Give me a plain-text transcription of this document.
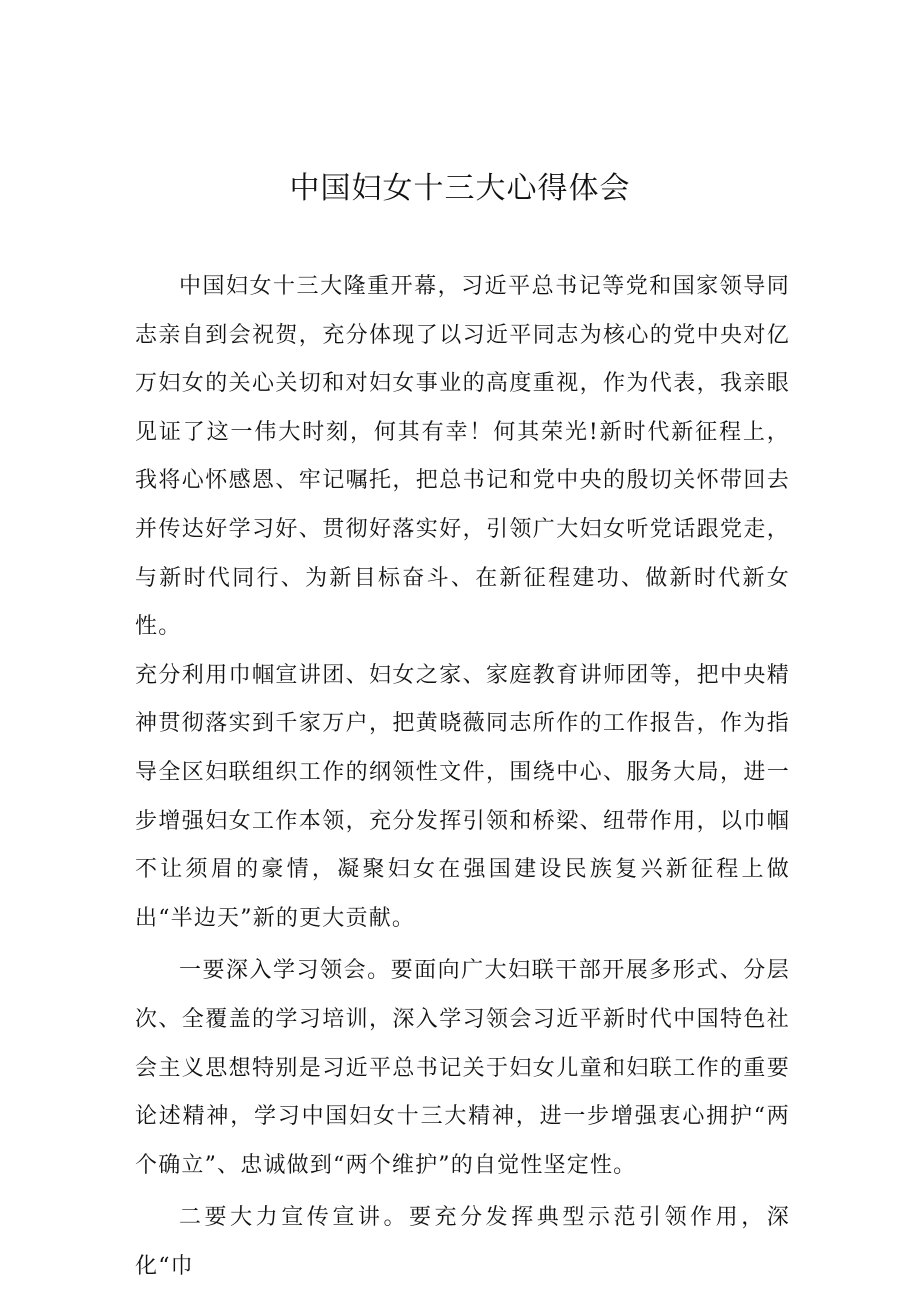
中国妇女十三大心得体会

中国妇女十三大隆重开幕，习近平总书记等党和国家领导同志亲自到会祝贺，充分体现了以习近平同志为核心的党中央对亿万妇女的关心关切和对妇女事业的高度重视，作为代表，我亲眼见证了这一伟大时刻，何其有幸！何其荣光!新时代新征程上，我将心怀感恩、牢记嘱托，把总书记和党中央的殷切关怀带回去并传达好学习好、贯彻好落实好，引领广大妇女听党话跟党走，与新时代同行、为新目标奋斗、在新征程建功、做新时代新女性。

充分利用巾帼宣讲团、妇女之家、家庭教育讲师团等，把中央精神贯彻落实到千家万户，把黄晓薇同志所作的工作报告，作为指导全区妇联组织工作的纲领性文件，围绕中心、服务大局，进一步增强妇女工作本领，充分发挥引领和桥梁、纽带作用，以巾帼不让须眉的豪情，凝聚妇女在强国建设民族复兴新征程上做出“半边天”新的更大贡献。

一要深入学习领会。要面向广大妇联干部开展多形式、分层次、全覆盖的学习培训，深入学习领会习近平新时代中国特色社会主义思想特别是习近平总书记关于妇女儿童和妇联工作的重要论述精神，学习中国妇女十三大精神，进一步增强衷心拥护“两个确立”、忠诚做到“两个维护”的自觉性坚定性。

二要大力宣传宣讲。要充分发挥典型示范引领作用，深化“巾
